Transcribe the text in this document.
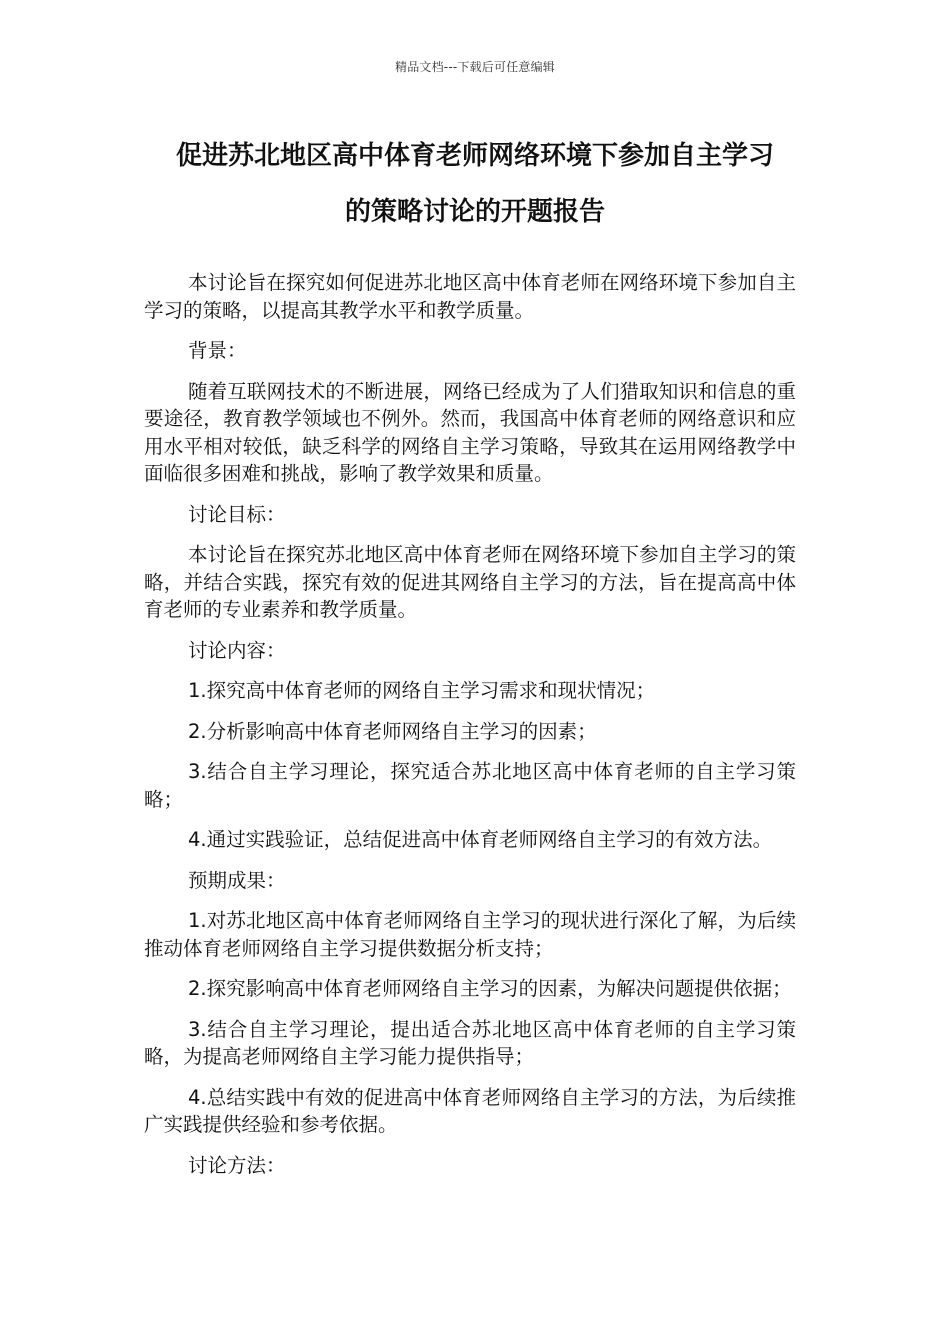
精品文档---下载后可任意编辑
促进苏北地区高中体育老师网络环境下参加自主学习
的策略讨论的开题报告

本讨论旨在探究如何促进苏北地区高中体育老师在网络环境下参加自主学习的策略，以提高其教学水平和教学质量。

背景：

随着互联网技术的不断进展，网络已经成为了人们猎取知识和信息的重要途径，教育教学领域也不例外。然而，我国高中体育老师的网络意识和应用水平相对较低，缺乏科学的网络自主学习策略，导致其在运用网络教学中面临很多困难和挑战，影响了教学效果和质量。

讨论目标：

本讨论旨在探究苏北地区高中体育老师在网络环境下参加自主学习的策略，并结合实践，探究有效的促进其网络自主学习的方法，旨在提高高中体育老师的专业素养和教学质量。

讨论内容：

1.探究高中体育老师的网络自主学习需求和现状情况；

2.分析影响高中体育老师网络自主学习的因素；

3.结合自主学习理论，探究适合苏北地区高中体育老师的自主学习策略；

4.通过实践验证，总结促进高中体育老师网络自主学习的有效方法。

预期成果：

1.对苏北地区高中体育老师网络自主学习的现状进行深化了解，为后续推动体育老师网络自主学习提供数据分析支持；

2.探究影响高中体育老师网络自主学习的因素，为解决问题提供依据；

3.结合自主学习理论，提出适合苏北地区高中体育老师的自主学习策略，为提高老师网络自主学习能力提供指导；

4.总结实践中有效的促进高中体育老师网络自主学习的方法，为后续推广实践提供经验和参考依据。

讨论方法：
